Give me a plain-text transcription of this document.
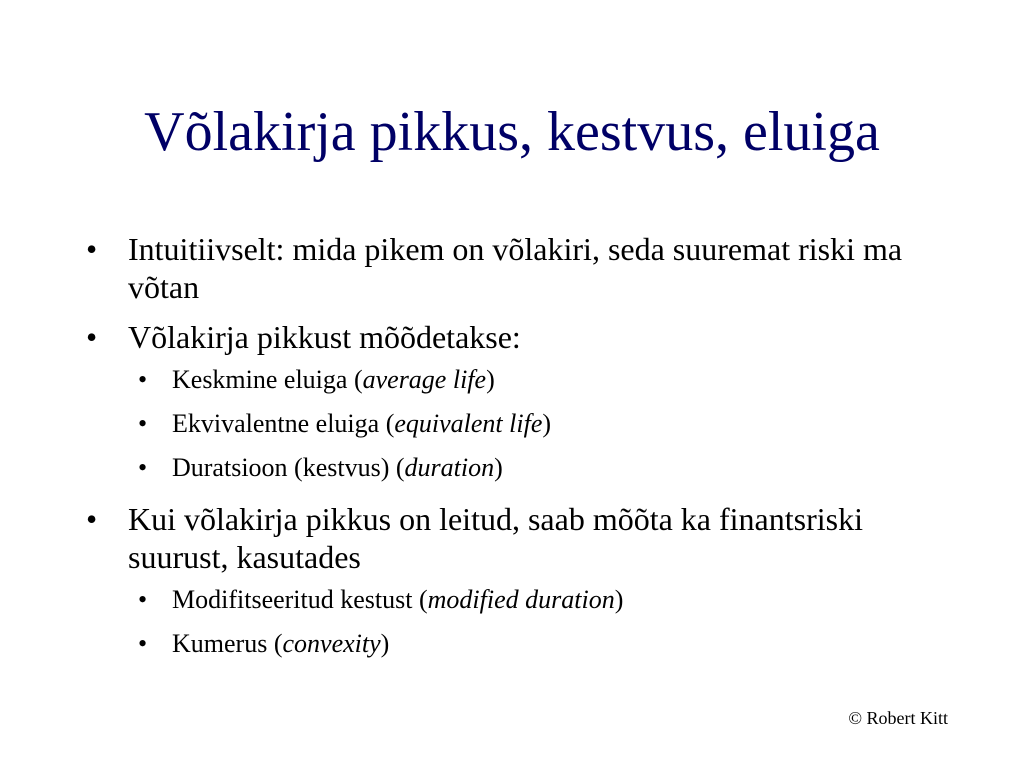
Võlakirja pikkus, kestvus, eluiga
• Intuitiivselt: mida pikem on võlakiri, seda suuremat riski ma võtan
• Võlakirja pikkust mõõdetakse:
• Keskmine eluiga (average life)
• Ekvivalentne eluiga (equivalent life)
• Duratsioon (kestvus) (duration)
• Kui võlakirja pikkus on leitud, saab mõõta ka finantsriski suurust, kasutades
• Modifitseeritud kestust (modified duration)
• Kumerus (convexity)
© Robert Kitt
